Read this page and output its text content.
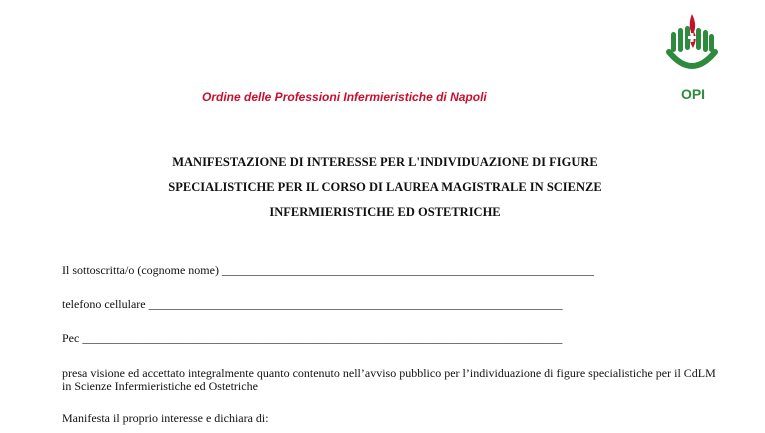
Ordine delle Professioni Infermieristiche di Napoli	OPI
MANIFESTAZIONE DI INTERESSE PER L'INDIVIDUAZIONE DI FIGURE
SPECIALISTICHE PER IL CORSO DI LAUREA MAGISTRALE IN SCIENZE
INFERMIERISTICHE ED OSTETRICHE
Il sottoscritta/o (cognome nome) ______________________________________________________________
telefono cellulare _____________________________________________________________________
Pec ________________________________________________________________________________
presa visione ed accettato integralmente quanto contenuto nell’avviso pubblico per l’individuazione di figure specialistiche per il CdLM in Scienze Infermieristiche ed Ostetriche
Manifesta il proprio interesse e dichiara di:
